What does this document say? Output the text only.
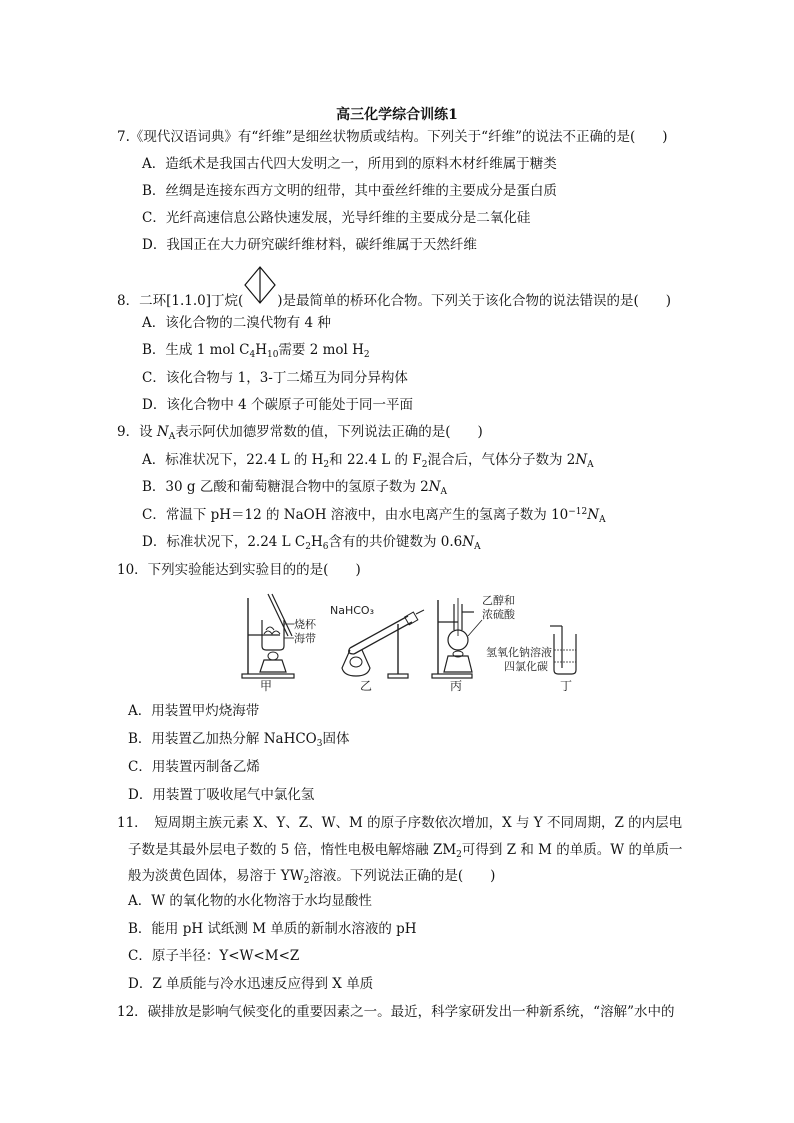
高三化学综合训练1
7.《现代汉语词典》有“纤维”是细丝状物质或结构。下列关于“纤维”的说法不正确的是(　　)
A．造纸术是我国古代四大发明之一，所用到的原料木材纤维属于糖类
B．丝绸是连接东西方文明的纽带，其中蚕丝纤维的主要成分是蛋白质
C．光纤高速信息公路快速发展，光导纤维的主要成分是二氧化硅
D．我国正在大力研究碳纤维材料，碳纤维属于天然纤维
8．二环[1.1.0]丁烷(	)是最简单的桥环化合物。下列关于该化合物的说法错误的是(　　)
A．该化合物的二溴代物有 4 种
B．生成 1 mol $C_4H_{10}$需要 2 mol $H_2$
C．该化合物与 1，3-丁二烯互为同分异构体
D．该化合物中 4 个碳原子可能处于同一平面
9．设 $N_A$表示阿伏加德罗常数的值，下列说法正确的是(　　)
A．标准状况下，22.4 L 的 $H_2$和 22.4 L 的 $F_2$混合后，气体分子数为 $2N_A$
B．30 g 乙酸和葡萄糖混合物中的氢原子数为 $2N_A$
C．常温下 pH＝12 的 NaOH 溶液中，由水电离产生的氢离子数为 $10^{-12}N_A$
D．标准状况下，2.24 L $C_2H_6$含有的共价键数为 $0.6N_A$
10．下列实验能达到实验目的的是(　　)
烧杯
海带
甲
NaHCO₃
乙
乙醇和
浓硫酸
丙
氢氧化钠溶液
四氯化碳
丁
A．用装置甲灼烧海带
B．用装置乙加热分解 NaHCO$_3$固体
C．用装置丙制备乙烯
D．用装置丁吸收尾气中氯化氢
11．　短周期主族元素 X、Y、Z、W、M 的原子序数依次增加，X 与 Y 不同周期，Z 的内层电
子数是其最外层电子数的 5 倍，惰性电极电解熔融 $ZM_2$可得到 Z 和 M 的单质。W 的单质一
般为淡黄色固体，易溶于 $YW_2$溶液。下列说法正确的是(　　)
A．W 的氧化物的水化物溶于水均显酸性
B．能用 pH 试纸测 M 单质的新制水溶液的 pH
C．原子半径：Y<W<M<Z
D．Z 单质能与冷水迅速反应得到 X 单质
12．碳排放是影响气候变化的重要因素之一。最近，科学家研发出一种新系统，“溶解”水中的
